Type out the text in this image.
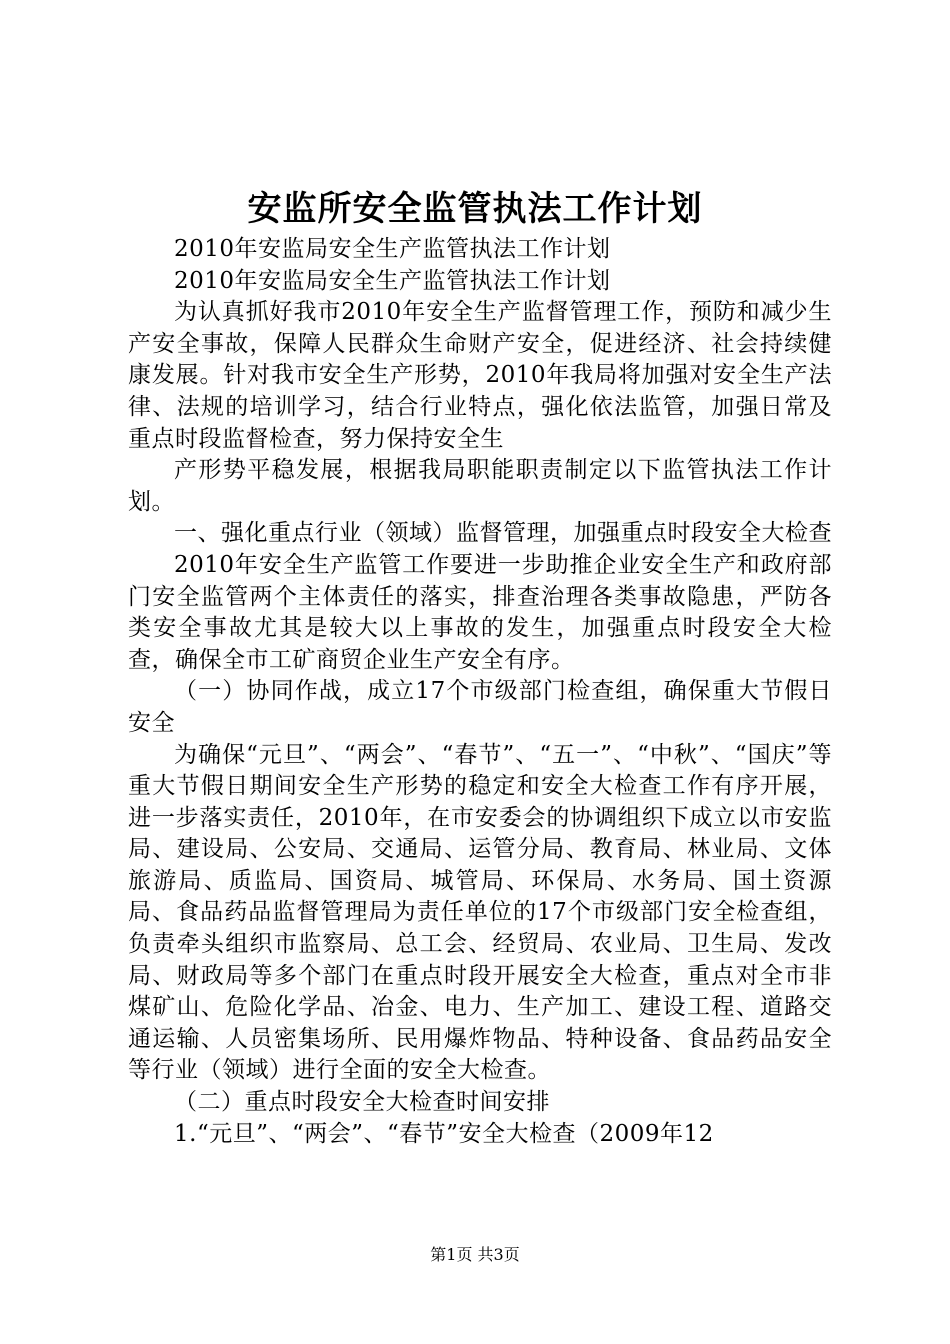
安监所安全监管执法工作计划

2010年安监局安全生产监管执法工作计划

2010年安监局安全生产监管执法工作计划

为认真抓好我市2010年安全生产监督管理工作，预防和减少生产安全事故，保障人民群众生命财产安全，促进经济、社会持续健康发展。针对我市安全生产形势，2010年我局将加强对安全生产法律、法规的培训学习，结合行业特点，强化依法监管，加强日常及重点时段监督检查，努力保持安全生

产形势平稳发展，根据我局职能职责制定以下监管执法工作计划。

一、强化重点行业（领域）监督管理，加强重点时段安全大检查

2010年安全生产监管工作要进一步助推企业安全生产和政府部门安全监管两个主体责任的落实，排查治理各类事故隐患，严防各类安全事故尤其是较大以上事故的发生，加强重点时段安全大检查，确保全市工矿商贸企业生产安全有序。

（一）协同作战，成立17个市级部门检查组，确保重大节假日安全

为确保“元旦”、“两会”、“春节”、“五一”、“中秋”、“国庆”等重大节假日期间安全生产形势的稳定和安全大检查工作有序开展，进一步落实责任，2010年，在市安委会的协调组织下成立以市安监局、建设局、公安局、交通局、运管分局、教育局、林业局、文体旅游局、质监局、国资局、城管局、环保局、水务局、国土资源局、食品药品监督管理局为责任单位的17个市级部门安全检查组，负责牵头组织市监察局、总工会、经贸局、农业局、卫生局、发改局、财政局等多个部门在重点时段开展安全大检查，重点对全市非煤矿山、危险化学品、冶金、电力、生产加工、建设工程、道路交通运输、人员密集场所、民用爆炸物品、特种设备、食品药品安全等行业（领域）进行全面的安全大检查。

（二）重点时段安全大检查时间安排

1.“元旦”、“两会”、“春节”安全大检查（2009年12

第1页 共3页
